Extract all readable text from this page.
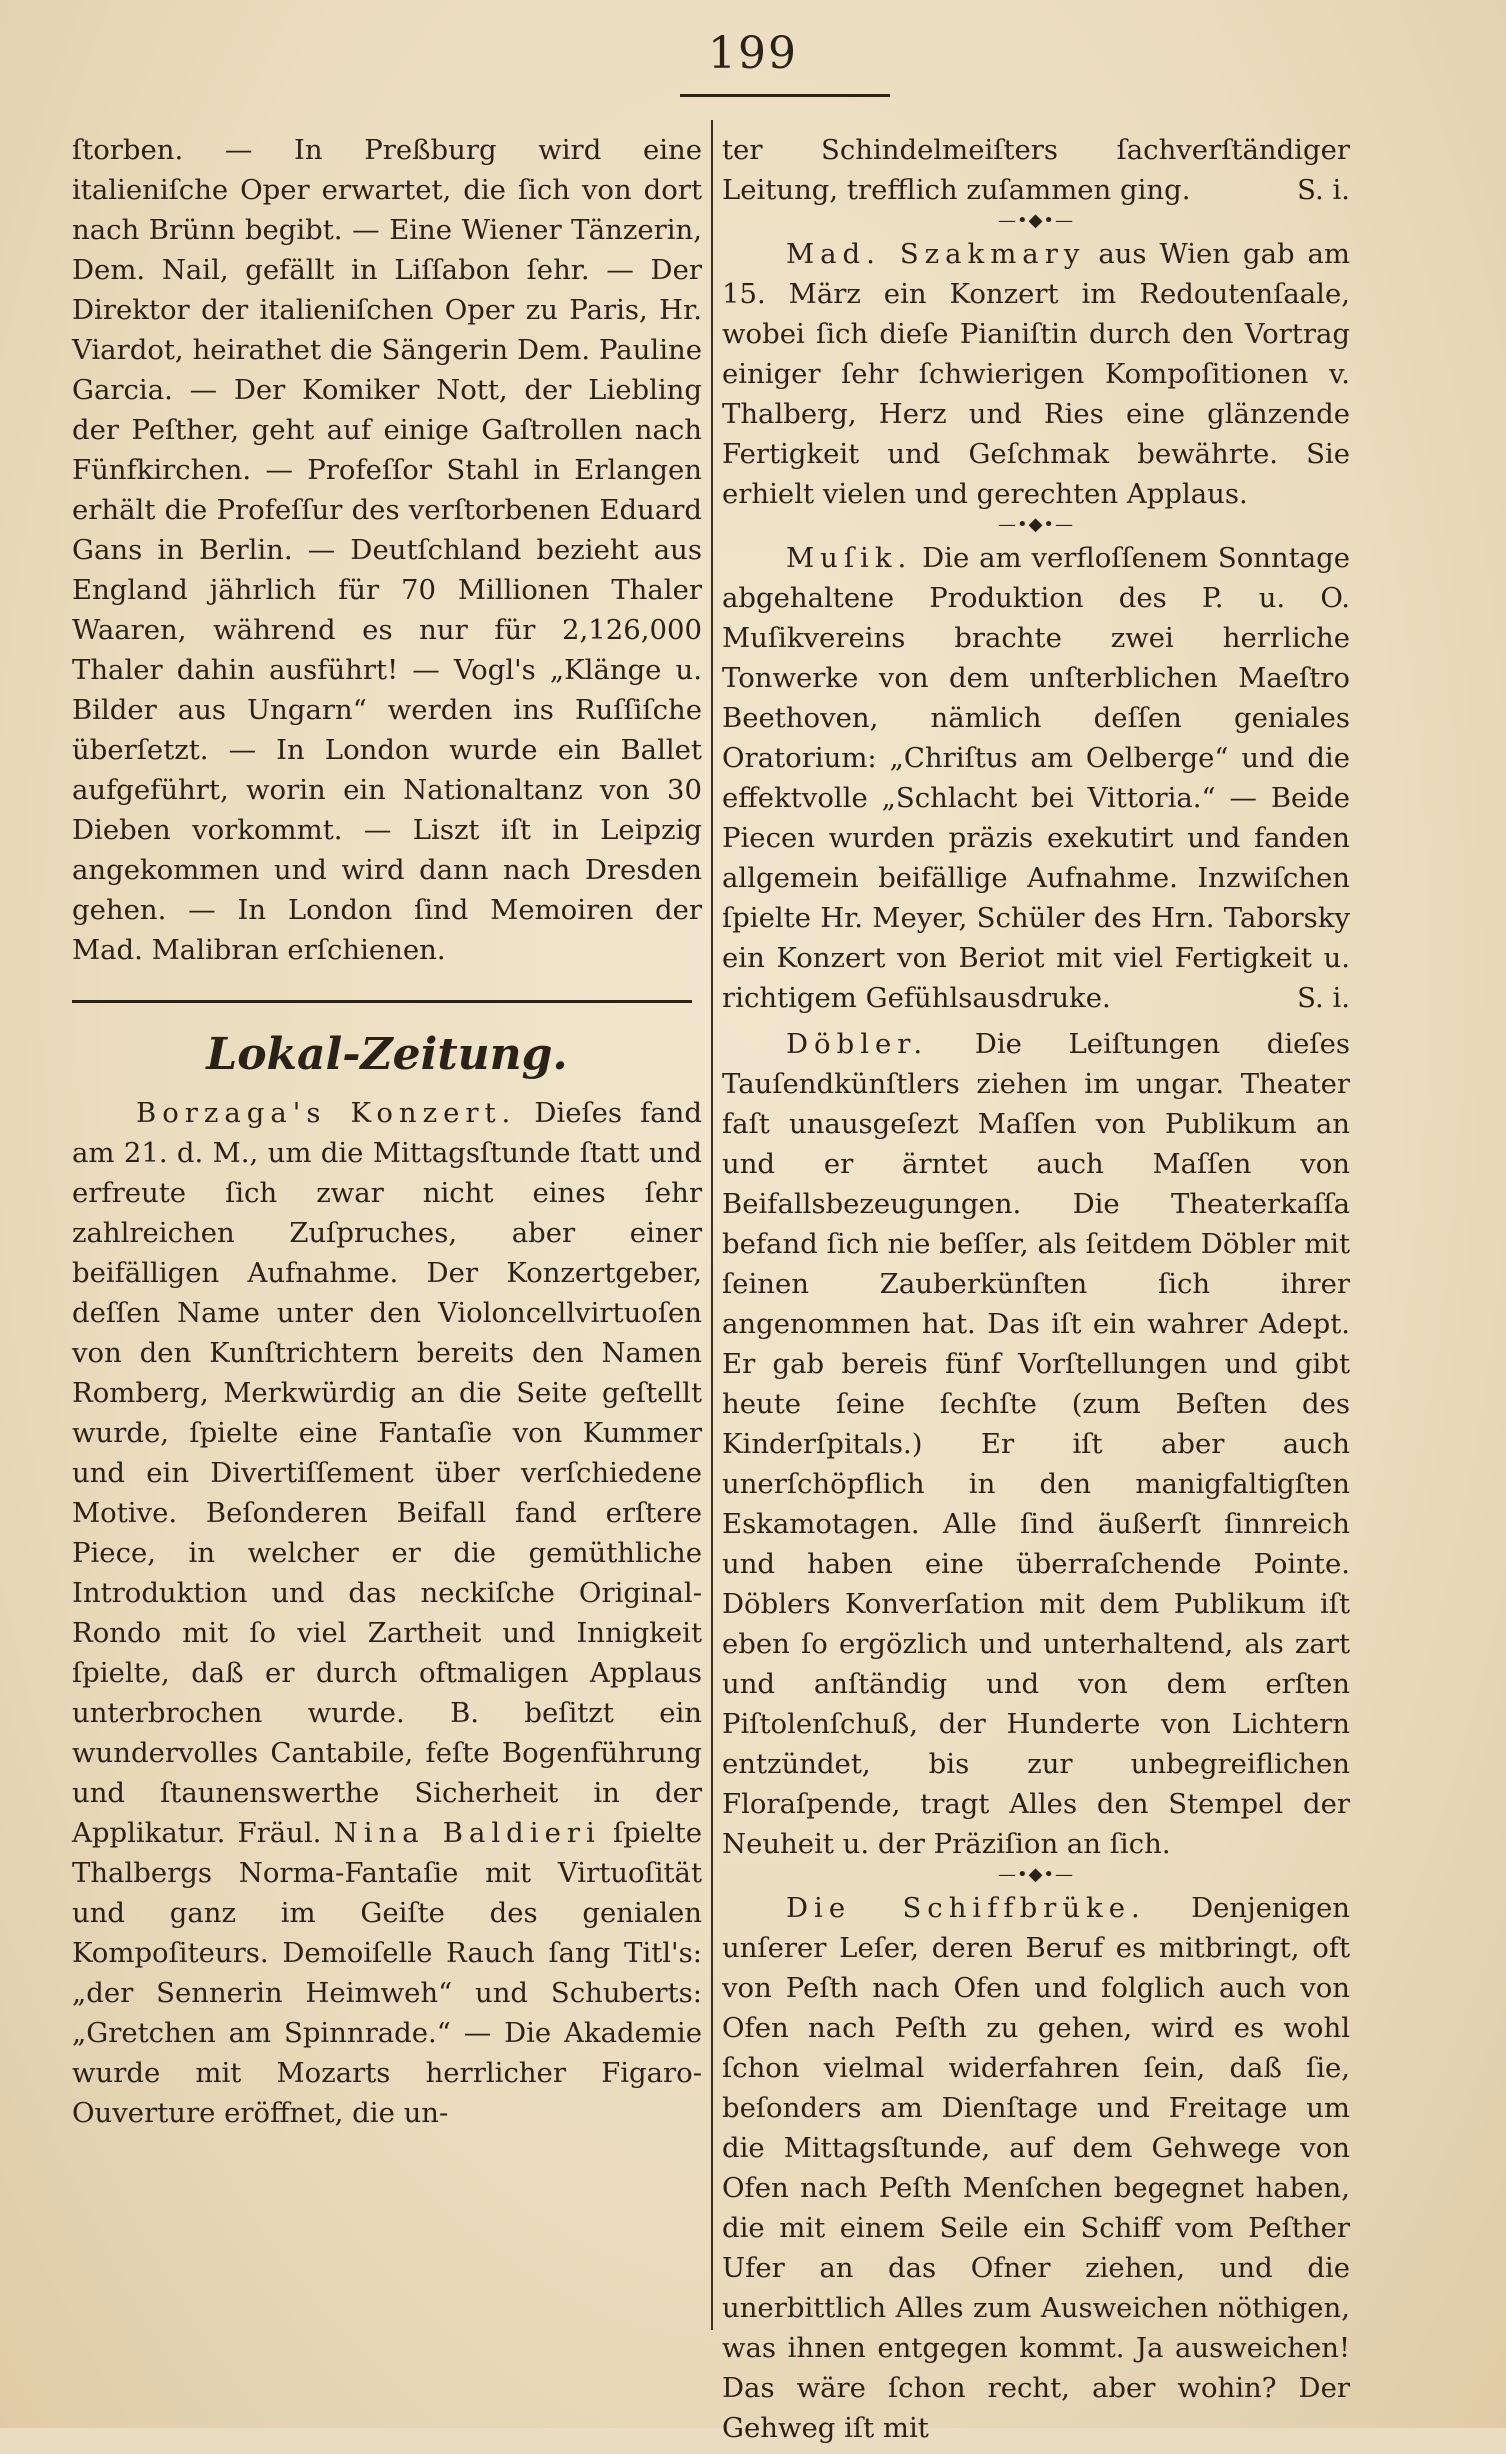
199

ſtorben. — In Preßburg wird eine italieniſche Oper erwartet, die ſich von dort nach Brünn begibt. — Eine Wiener Tänzerin, Dem. Nail, gefällt in Liſſabon ſehr. — Der Direktor der italieniſchen Oper zu Paris, Hr. Viardot, heirathet die Sängerin Dem. Pauline Garcia. — Der Komiker Nott, der Liebling der Peſther, geht auf einige Gaſtrollen nach Fünfkirchen. — Profeſſor Stahl in Erlangen erhält die Profeſſur des verſtorbenen Eduard Gans in Berlin. — Deutſchland bezieht aus England jährlich für 70 Millionen Thaler Waaren, während es nur für 2,126,000 Thaler dahin ausführt! — Vogl's „Klänge u. Bilder aus Ungarn“ werden ins Ruſſiſche überſetzt. — In London wurde ein Ballet aufgeführt, worin ein Nationaltanz von 30 Dieben vorkommt. — Liszt iſt in Leipzig angekommen und wird dann nach Dresden gehen. — In London ſind Memoiren der Mad. Malibran erſchienen.

Lokal-Zeitung.

Borzaga's Konzert. Dieſes fand am 21. d. M., um die Mittagsſtunde ſtatt und erfreute ſich zwar nicht eines ſehr zahlreichen Zuſpruches, aber einer beifälligen Aufnahme. Der Konzertgeber, deſſen Name unter den Violoncellvirtuoſen von den Kunſtrichtern bereits den Namen Romberg, Merkwürdig an die Seite geſtellt wurde, ſpielte eine Fantaſie von Kummer und ein Divertiſſement über verſchiedene Motive. Beſonderen Beifall fand erſtere Piece, in welcher er die gemüthliche Introduktion und das neckiſche Original-Rondo mit ſo viel Zartheit und Innigkeit ſpielte, daß er durch oftmaligen Applaus unterbrochen wurde. B. beſitzt ein wundervolles Cantabile, feſte Bogenführung und ſtaunenswerthe Sicherheit in der Applikatur. Fräul. Nina Baldieri ſpielte Thalbergs Norma-Fantaſie mit Virtuoſität und ganz im Geiſte des genialen Kompoſiteurs. Demoiſelle Rauch ſang Titl's: „der Sennerin Heimweh“ und Schuberts: „Gretchen am Spinnrade.“ — Die Akademie wurde mit Mozarts herrlicher Figaro-Ouverture eröffnet, die un-

ter Schindelmeiſters ſachverſtändiger Leitung, trefflich zuſammen ging.	S. i.

—•◆•—

Mad. Szakmary aus Wien gab am 15. März ein Konzert im Redoutenſaale, wobei ſich dieſe Pianiſtin durch den Vortrag einiger ſehr ſchwierigen Kompoſitionen v. Thalberg, Herz und Ries eine glänzende Fertigkeit und Geſchmak bewährte. Sie erhielt vielen und gerechten Applaus.

—•◆•—

Muſik. Die am verfloſſenem Sonntage abgehaltene Produktion des P. u. O. Muſikvereins brachte zwei herrliche Tonwerke von dem unſterblichen Maeſtro Beethoven, nämlich deſſen geniales Oratorium: „Chriſtus am Oelberge“ und die effektvolle „Schlacht bei Vittoria.“ — Beide Piecen wurden präzis exekutirt und fanden allgemein beifällige Aufnahme. Inzwiſchen ſpielte Hr. Meyer, Schüler des Hrn. Taborsky ein Konzert von Beriot mit viel Fertigkeit u. richtigem Gefühlsausdruke.	S. i.

Döbler. Die Leiſtungen dieſes Tauſendkünſtlers ziehen im ungar. Theater faſt unausgeſezt Maſſen von Publikum an und er ärntet auch Maſſen von Beifallsbezeugungen. Die Theaterkaſſa befand ſich nie beſſer, als ſeitdem Döbler mit ſeinen Zauberkünſten ſich ihrer angenommen hat. Das iſt ein wahrer Adept. Er gab bereis fünf Vorſtellungen und gibt heute ſeine ſechſte (zum Beſten des Kinderſpitals.) Er iſt aber auch unerſchöpflich in den manigfaltigſten Eskamotagen. Alle ſind äußerſt ſinnreich und haben eine überraſchende Pointe. Döblers Konverſation mit dem Publikum iſt eben ſo ergözlich und unterhaltend, als zart und anſtändig und von dem erſten Piſtolenſchuß, der Hunderte von Lichtern entzündet, bis zur unbegreiflichen Floraſpende, tragt Alles den Stempel der Neuheit u. der Präziſion an ſich.

—•◆•—

Die Schiffbrüke. Denjenigen unſerer Leſer, deren Beruf es mitbringt, oft von Peſth nach Ofen und folglich auch von Ofen nach Peſth zu gehen, wird es wohl ſchon vielmal widerfahren ſein, daß ſie, beſonders am Dienſtage und Freitage um die Mittagsſtunde, auf dem Gehwege von Ofen nach Peſth Menſchen begegnet haben, die mit einem Seile ein Schiff vom Peſther Ufer an das Ofner ziehen, und die unerbittlich Alles zum Ausweichen nöthigen, was ihnen entgegen kommt. Ja ausweichen! Das wäre ſchon recht, aber wohin? Der Gehweg iſt mit
